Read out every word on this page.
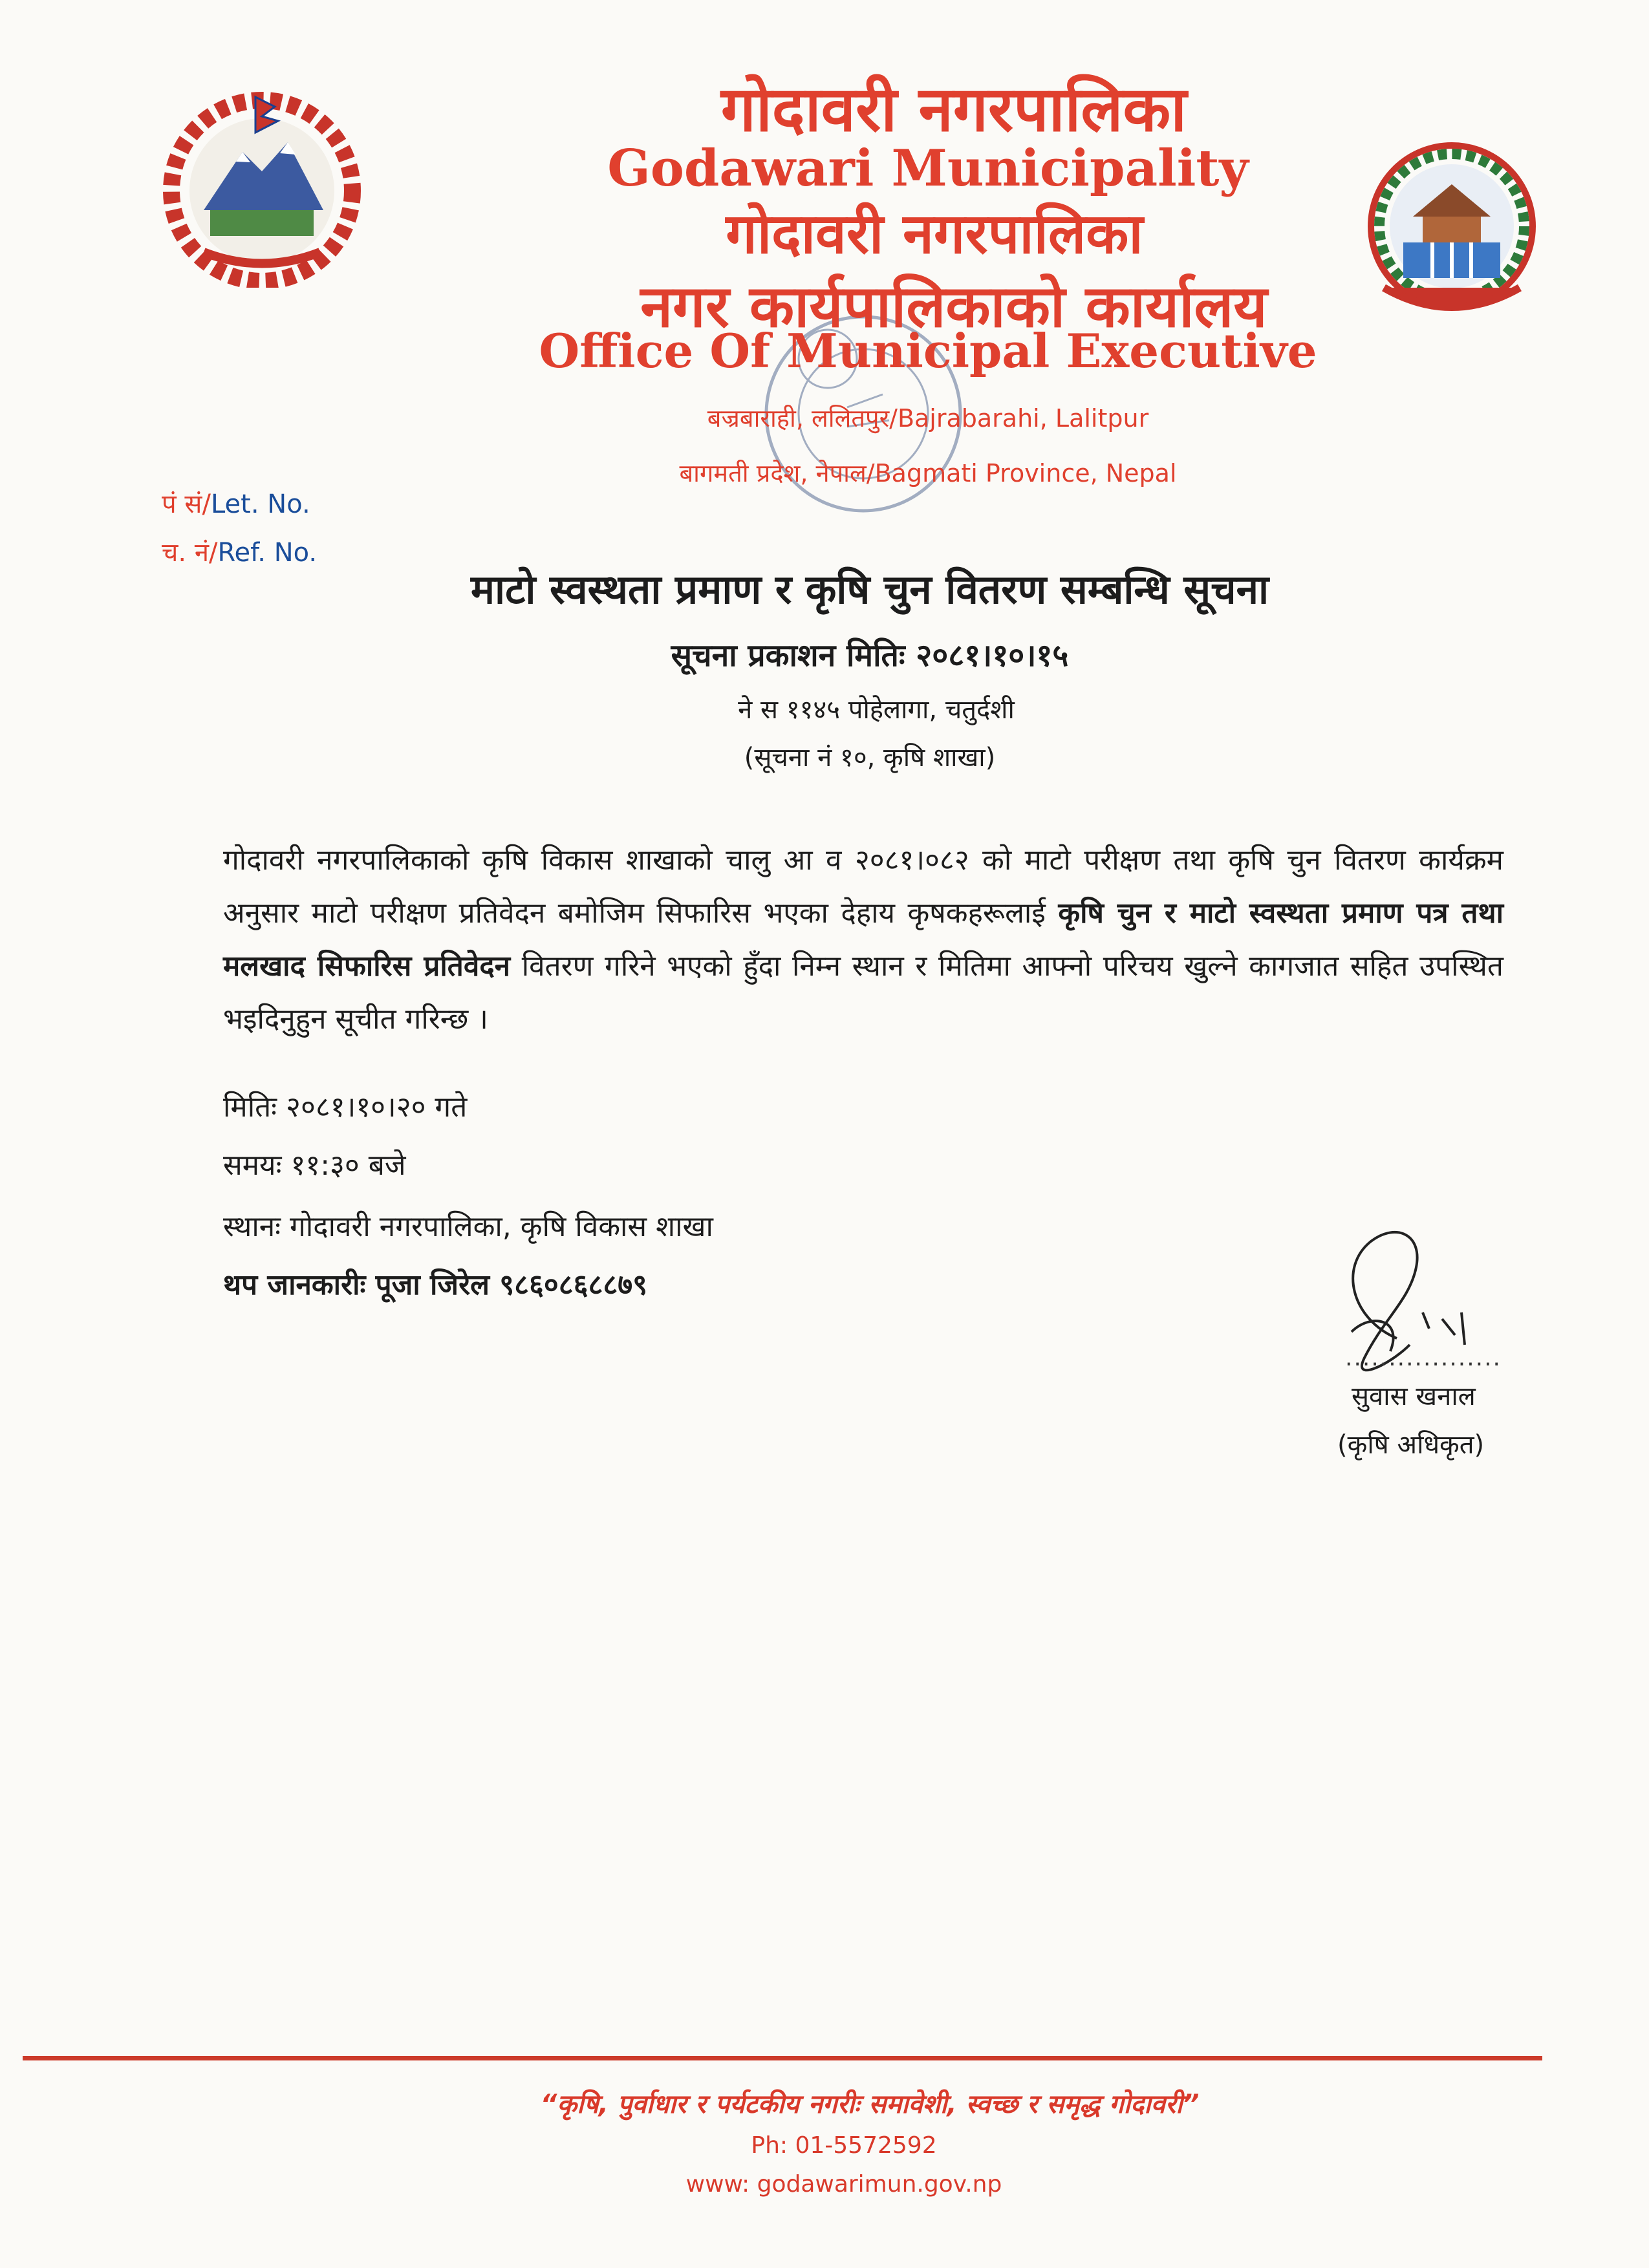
गोदावरी नगरपालिका
Godawari Municipality
गोदावरी नगरपालिका
नगर कार्यपालिकाको कार्यालय
Office Of Municipal Executive
बज्रबाराही, ललितपुर/Bajrabarahi, Lalitpur
बागमती प्रदेश, नेपाल/Bagmati Province, Nepal
पं सं/Let. No.
च. नं/Ref. No.
माटो स्वस्थता प्रमाण र कृषि चुन वितरण सम्बन्धि सूचना
सूचना प्रकाशन मितिः २०८१।१०।१५
ने स ११४५ पोहेलागा, चतुर्दशी
(सूचना नं १०, कृषि शाखा)
गोदावरी नगरपालिकाको कृषि विकास शाखाको चालु आ व २०८१।०८२ को माटो परीक्षण तथा कृषि चुन वितरण कार्यक्रम अनुसार माटो परीक्षण प्रतिवेदन बमोजिम सिफारिस भएका देहाय कृषकहरूलाई कृषि चुन र माटो स्वस्थता प्रमाण पत्र तथा मलखाद सिफारिस प्रतिवेदन वितरण गरिने भएको हुँदा निम्न स्थान र मितिमा आफ्नो परिचय खुल्ने कागजात सहित उपस्थित भइदिनुहुन सूचीत गरिन्छ ।
मितिः २०८१।१०।२० गते
समयः ११:३० बजे
स्थानः गोदावरी नगरपालिका, कृषि विकास शाखा
थप जानकारीः पूजा जिरेल ९८६०८६८८७९
..................
सुवास खनाल
(कृषि अधिकृत)
“कृषि, पुर्वाधार र पर्यटकीय नगरीः समावेशी, स्वच्छ र समृद्ध गोदावरी”
Ph: 01-5572592
www: godawarimun.gov.np
